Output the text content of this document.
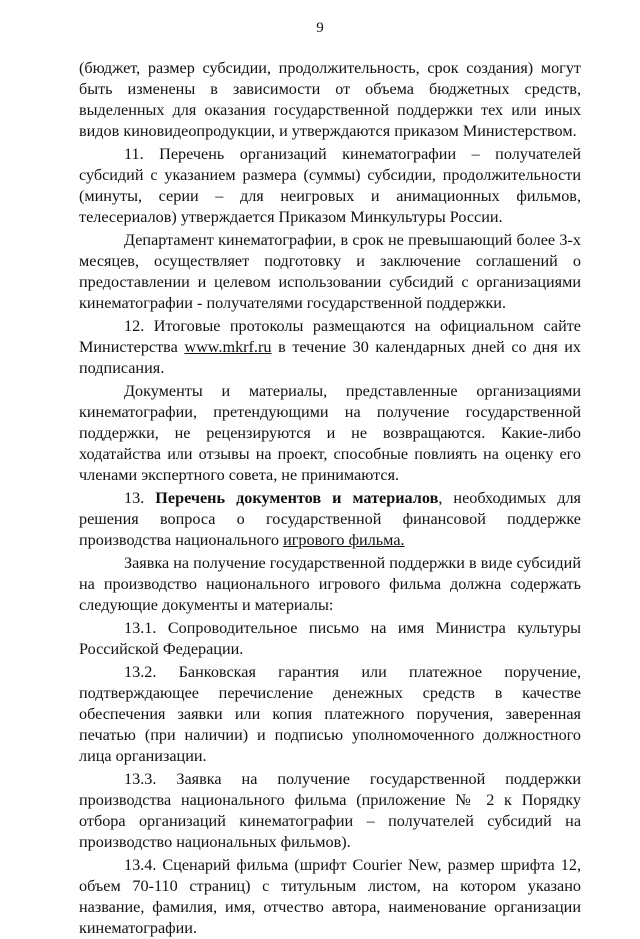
9

(бюджет, размер субсидии, продолжительность, срок создания) могут быть изменены в зависимости от объема бюджетных средств, выделенных для оказания государственной поддержки тех или иных видов киновидеопродукции, и утверждаются приказом Министерством.

11. Перечень организаций кинематографии – получателей субсидий с указанием размера (суммы) субсидии, продолжительности (минуты, серии – для неигровых и анимационных фильмов, телесериалов) утверждается Приказом Минкультуры России.

Департамент кинематографии, в срок не превышающий более 3-х месяцев, осуществляет подготовку и заключение соглашений о предоставлении и целевом использовании субсидий с организациями кинематографии - получателями государственной поддержки.

12. Итоговые протоколы размещаются на официальном сайте Министерства www.mkrf.ru в течение 30 календарных дней со дня их подписания.

Документы и материалы, представленные организациями кинематографии, претендующими на получение государственной поддержки, не рецензируются и не возвращаются. Какие-либо ходатайства или отзывы на проект, способные повлиять на оценку его членами экспертного совета, не принимаются.

13. Перечень документов и материалов, необходимых для решения вопроса о государственной финансовой поддержке производства национального игрового фильма.

Заявка на получение государственной поддержки в виде субсидий на производство национального игрового фильма должна содержать следующие документы и материалы:

13.1. Сопроводительное письмо на имя Министра культуры Российской Федерации.

13.2. Банковская гарантия или платежное поручение, подтверждающее перечисление денежных средств в качестве обеспечения заявки или копия платежного поручения, заверенная печатью (при наличии) и подписью уполномоченного должностного лица организации.

13.3. Заявка на получение государственной поддержки производства национального фильма (приложение № 2 к Порядку отбора организаций кинематографии – получателей субсидий на производство национальных фильмов).

13.4. Сценарий фильма (шрифт Courier New, размер шрифта 12, объем 70-110 страниц) с титульным листом, на котором указано название, фамилия, имя, отчество автора, наименование организации кинематографии.
